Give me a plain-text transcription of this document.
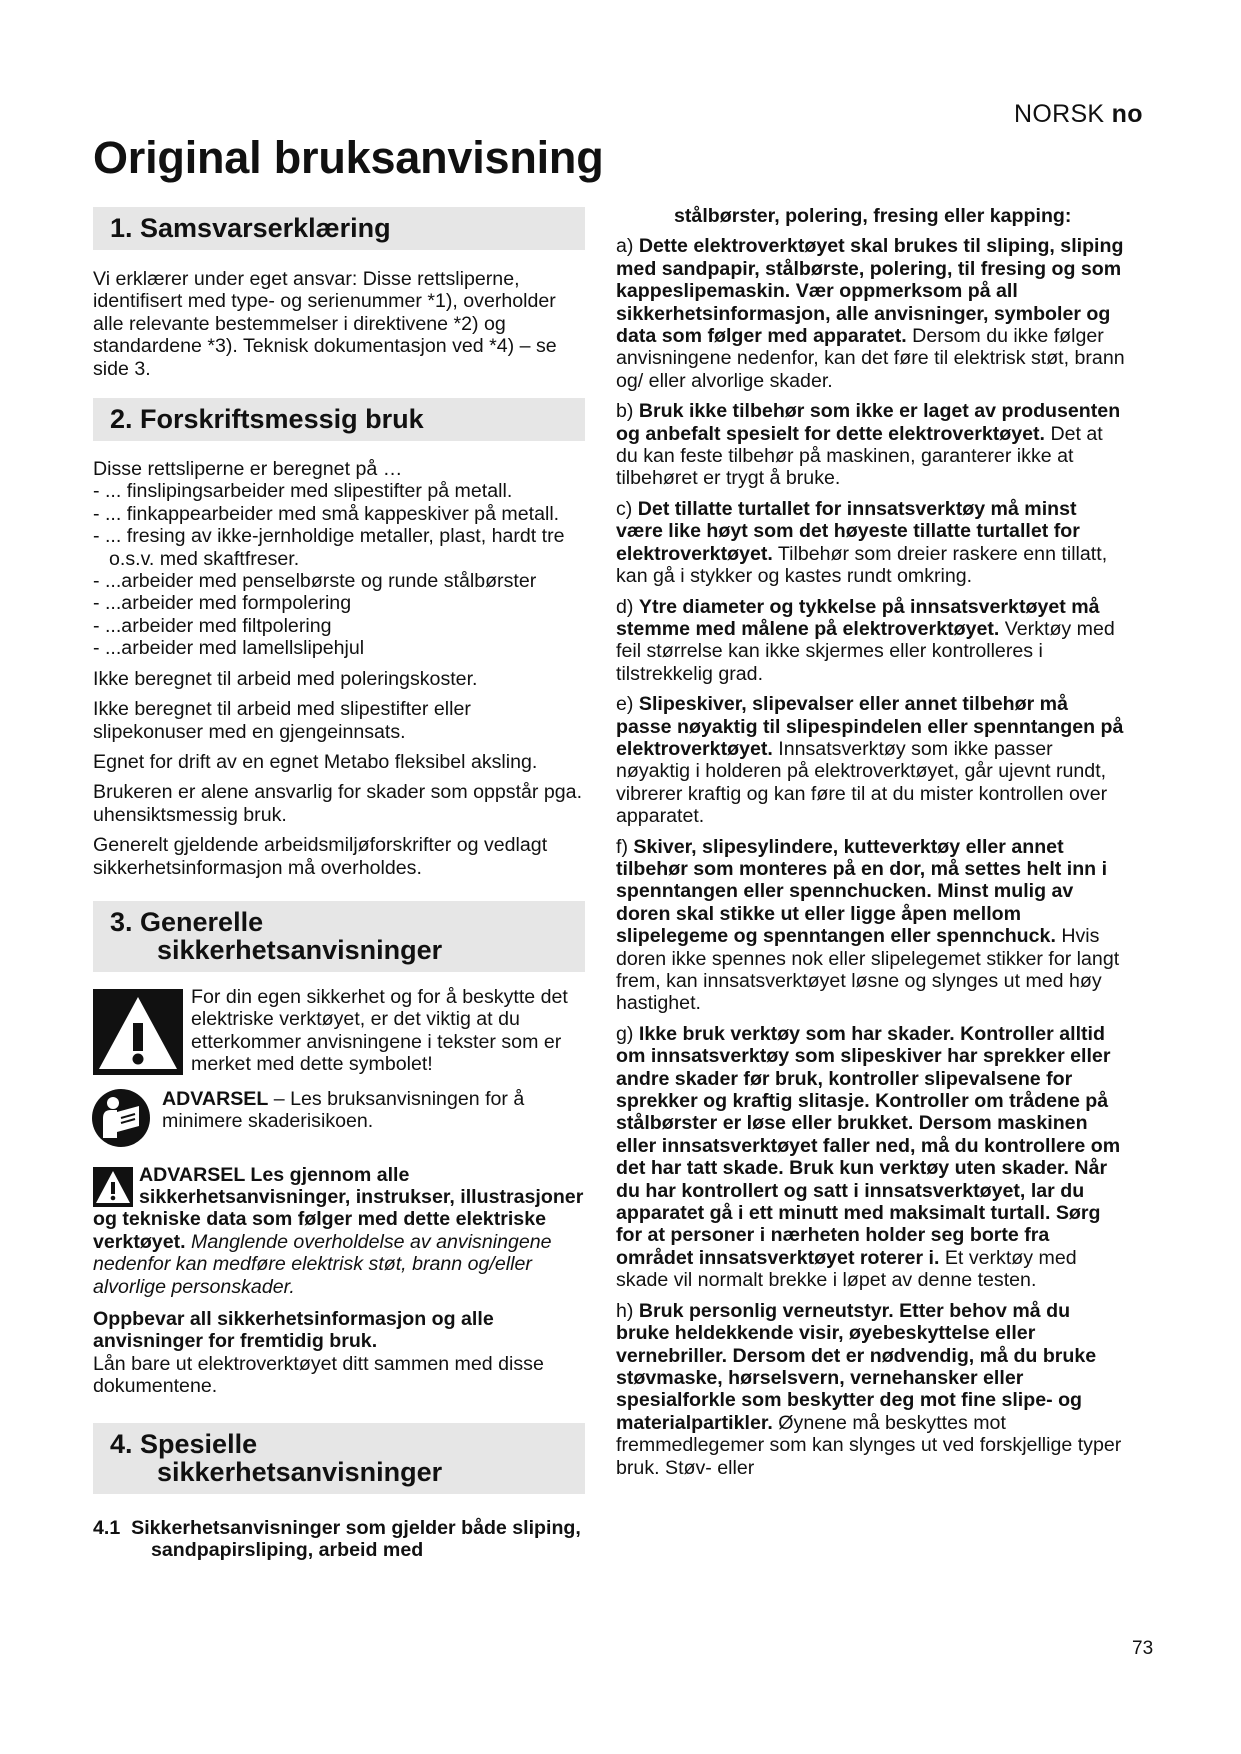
NORSK no
Original bruksanvisning
1. Samsvarserklæring

Vi erklærer under eget ansvar: Disse rettsliperne, identifisert med type- og serienummer *1), overholder alle relevante bestemmelser i direktivene *2) og standardene *3). Teknisk dokumentasjon ved *4) – se side 3.

2. Forskriftsmessig bruk

Disse rettsliperne er beregnet på …

- ... finslipingsarbeider med slipestifter på metall.
- ... finkappearbeider med små kappeskiver på metall.
- ... fresing av ikke-jernholdige metaller, plast, hardt tre o.s.v. med skaftfreser.
- ...arbeider med penselbørste og runde stålbørster
- ...arbeider med formpolering
- ...arbeider med filtpolering
- ...arbeider med lamellslipehjul

Ikke beregnet til arbeid med poleringskoster.

Ikke beregnet til arbeid med slipestifter eller slipekonuser med en gjengeinnsats.

Egnet for drift av en egnet Metabo fleksibel aksling.

Brukeren er alene ansvarlig for skader som oppstår pga. uhensiktsmessig bruk.

Generelt gjeldende arbeidsmiljøforskrifter og vedlagt sikkerhetsinformasjon må overholdes.

3. Generelle
sikkerhetsanvisninger

For din egen sikkerhet og for å beskytte det elektriske verktøyet, er det viktig at du etterkommer anvisningene i tekster som er merket med dette symbolet!

ADVARSEL – Les bruksanvisningen for å minimere skaderisikoen.

ADVARSEL Les gjennom alle sikkerhetsanvisninger, instrukser, illustrasjoner og tekniske data som følger med dette elektriske verktøyet. Manglende overholdelse av anvisningene nedenfor kan medføre elektrisk støt, brann og/eller alvorlige personskader.

Oppbevar all sikkerhetsinformasjon og alle anvisninger for fremtidig bruk.
Lån bare ut elektroverktøyet ditt sammen med disse dokumentene.

4. Spesielle
sikkerhetsanvisninger

4.1 Sikkerhetsanvisninger som gjelder både sliping, sandpapirsliping, arbeid med

stålbørster, polering, fresing eller kapping:

a) Dette elektroverktøyet skal brukes til sliping, sliping med sandpapir, stålbørste, polering, til fresing og som kappeslipemaskin. Vær oppmerksom på all sikkerhetsinformasjon, alle anvisninger, symboler og data som følger med apparatet. Dersom du ikke følger anvisningene nedenfor, kan det føre til elektrisk støt, brann og/ eller alvorlige skader.

b) Bruk ikke tilbehør som ikke er laget av produsenten og anbefalt spesielt for dette elektroverktøyet. Det at du kan feste tilbehør på maskinen, garanterer ikke at tilbehøret er trygt å bruke.

c) Det tillatte turtallet for innsatsverktøy må minst være like høyt som det høyeste tillatte turtallet for elektroverktøyet. Tilbehør som dreier raskere enn tillatt, kan gå i stykker og kastes rundt omkring.

d) Ytre diameter og tykkelse på innsatsverktøyet må stemme med målene på elektroverktøyet. Verktøy med feil størrelse kan ikke skjermes eller kontrolleres i tilstrekkelig grad.

e) Slipeskiver, slipevalser eller annet tilbehør må passe nøyaktig til slipespindelen eller spenntangen på elektroverktøyet. Innsatsverktøy som ikke passer nøyaktig i holderen på elektroverktøyet, går ujevnt rundt, vibrerer kraftig og kan føre til at du mister kontrollen over apparatet.

f) Skiver, slipesylindere, kutteverktøy eller annet tilbehør som monteres på en dor, må settes helt inn i spenntangen eller spennchucken. Minst mulig av doren skal stikke ut eller ligge åpen mellom slipelegeme og spenntangen eller spennchuck. Hvis doren ikke spennes nok eller slipelegemet stikker for langt frem, kan innsatsverktøyet løsne og slynges ut med høy hastighet.

g) Ikke bruk verktøy som har skader. Kontroller alltid om innsatsverktøy som slipeskiver har sprekker eller andre skader før bruk, kontroller slipevalsene for sprekker og kraftig slitasje. Kontroller om trådene på stålbørster er løse eller brukket. Dersom maskinen eller innsatsverktøyet faller ned, må du kontrollere om det har tatt skade. Bruk kun verktøy uten skader. Når du har kontrollert og satt i innsatsverktøyet, lar du apparatet gå i ett minutt med maksimalt turtall. Sørg for at personer i nærheten holder seg borte fra området innsatsverktøyet roterer i. Et verktøy med skade vil normalt brekke i løpet av denne testen.

h) Bruk personlig verneutstyr. Etter behov må du bruke heldekkende visir, øyebeskyttelse eller vernebriller. Dersom det er nødvendig, må du bruke støvmaske, hørselsvern, vernehansker eller spesialforkle som beskytter deg mot fine slipe- og materialpartikler. Øynene må beskyttes mot fremmedlegemer som kan slynges ut ved forskjellige typer bruk. Støv- eller

73
